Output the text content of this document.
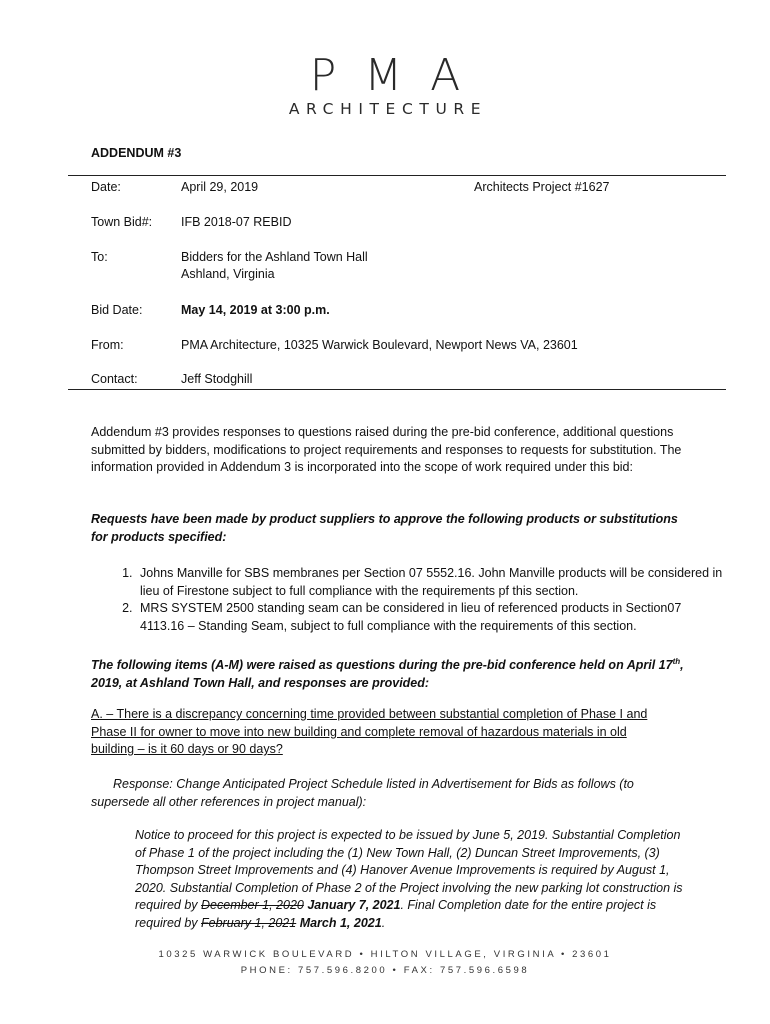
PMA
ARCHITECTURE
ADDENDUM #3
Date:	April 29, 2019	Architects Project #1627
Town Bid#:	IFB 2018-07 REBID
To:	Bidders for the Ashland Town Hall
Ashland, Virginia
Bid Date:	May 14, 2019 at 3:00 p.m.
From:	PMA Architecture, 10325 Warwick Boulevard, Newport News VA, 23601
Contact:	Jeff Stodghill
Addendum #3 provides responses to questions raised during the pre-bid conference, additional questions submitted by bidders, modifications to project requirements and responses to requests for substitution. The information provided in Addendum 3 is incorporated into the scope of work required under this bid:
Requests have been made by product suppliers to approve the following products or substitutions for products specified:
1. Johns Manville for SBS membranes per Section 07 5552.16. John Manville products will be considered in lieu of Firestone subject to full compliance with the requirements pf this section.
2. MRS SYSTEM 2500 standing seam can be considered in lieu of referenced products in Section07 4113.16 – Standing Seam, subject to full compliance with the requirements of this section.
The following items (A-M) were raised as questions during the pre-bid conference held on April 17th, 2019, at Ashland Town Hall, and responses are provided:
A. – There is a discrepancy concerning time provided between substantial completion of Phase I and Phase II for owner to move into new building and complete removal of hazardous materials in old building – is it 60 days or 90 days?
Response: Change Anticipated Project Schedule listed in Advertisement for Bids as follows (to supersede all other references in project manual):
Notice to proceed for this project is expected to be issued by June 5, 2019. Substantial Completion of Phase 1 of the project including the (1) New Town Hall, (2) Duncan Street Improvements, (3) Thompson Street Improvements and (4) Hanover Avenue Improvements is required by August 1, 2020. Substantial Completion of Phase 2 of the Project involving the new parking lot construction is required by December 1, 2020 January 7, 2021. Final Completion date for the entire project is required by February 1, 2021 March 1, 2021.
10325 WARWICK BOULEVARD • HILTON VILLAGE, VIRGINIA • 23601
PHONE: 757.596.8200 • FAX: 757.596.6598
